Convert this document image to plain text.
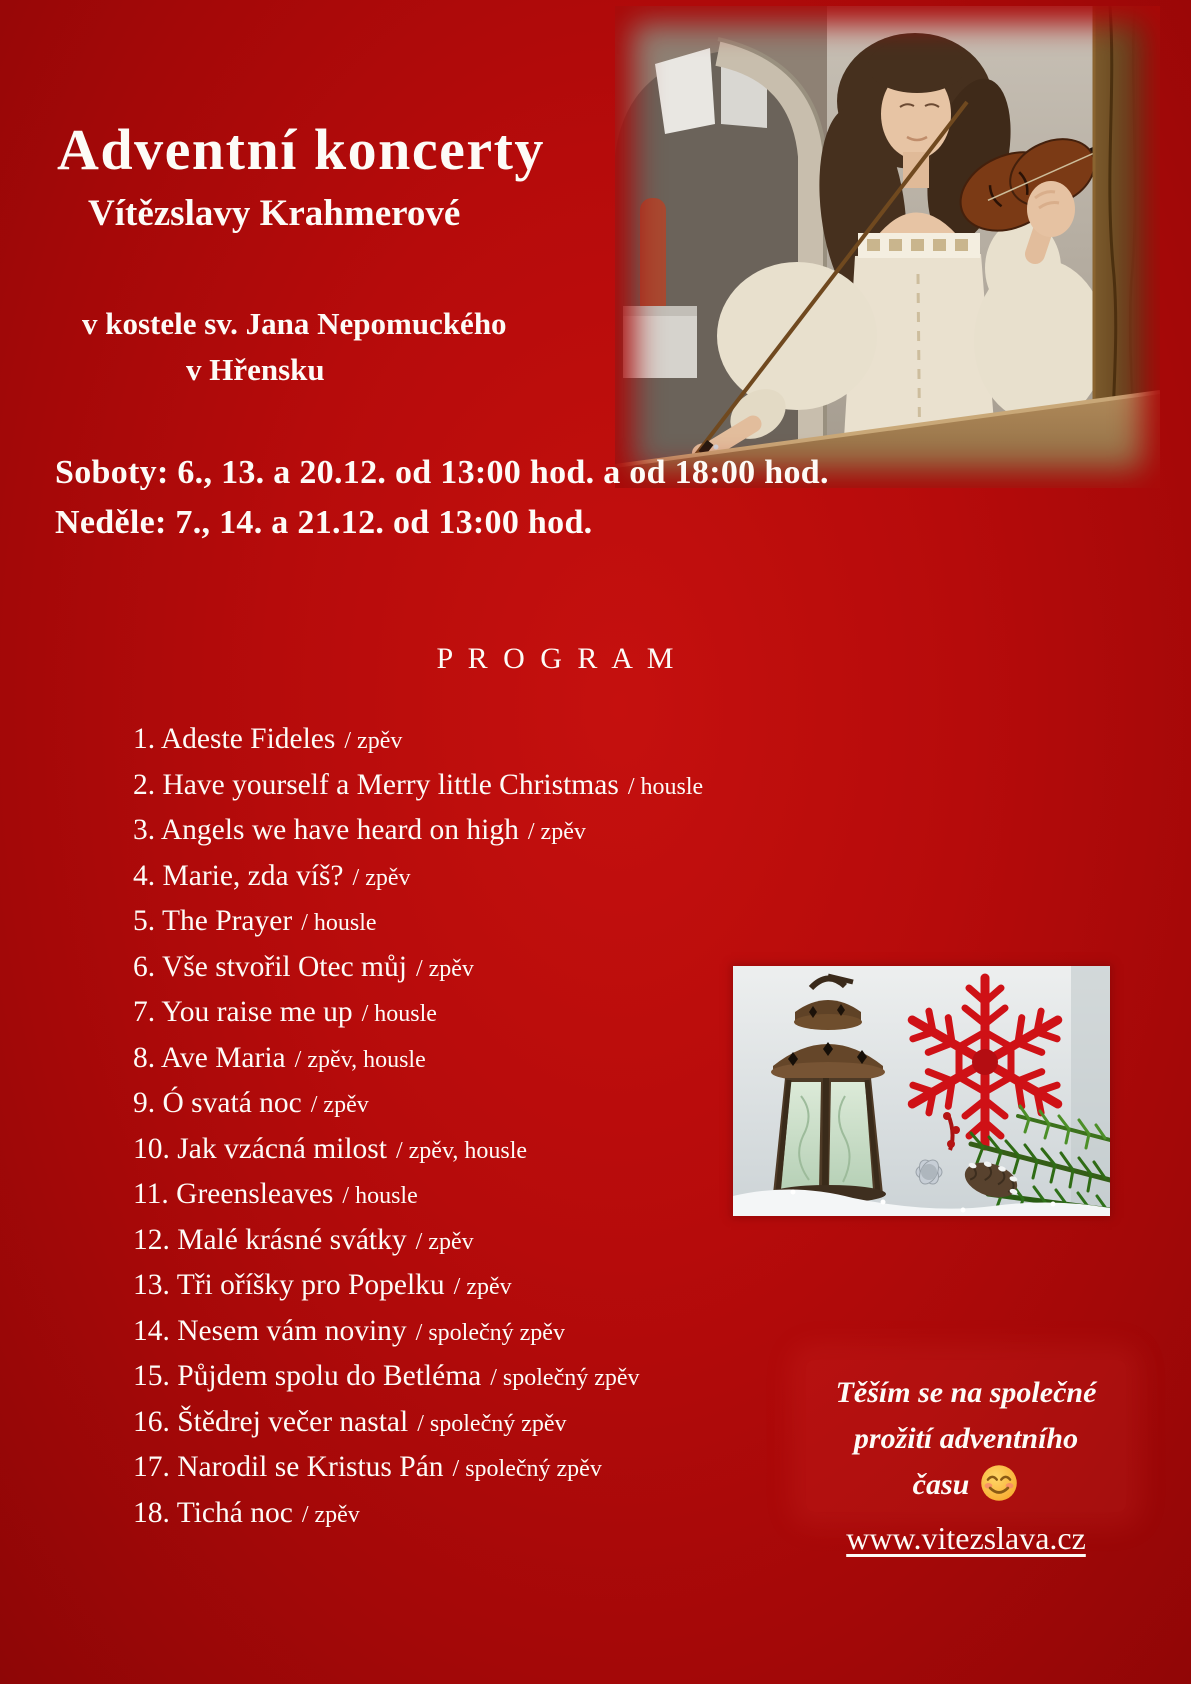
Adventní koncerty
Vítězslavy Krahmerové
v kostele sv. Jana Nepomuckého
v Hřensku
Soboty: 6., 13. a 20.12. od 13:00 hod. a od 18:00 hod.
Neděle: 7., 14. a 21.12. od 13:00 hod.
P R O G R A M
1. Adeste Fideles / zpěv
2. Have yourself a Merry little Christmas / housle
3. Angels we have heard on high / zpěv
4. Marie, zda víš? / zpěv
5. The Prayer / housle
6. Vše stvořil Otec můj / zpěv
7. You raise me up / housle
8. Ave Maria / zpěv, housle
9. Ó svatá noc / zpěv
10. Jak vzácná milost / zpěv, housle
11. Greensleaves / housle
12. Malé krásné svátky / zpěv
13. Tři oříšky pro Popelku / zpěv
14. Nesem vám noviny / společný zpěv
15. Půjdem spolu do Betléma / společný zpěv
16. Štědrej večer nastal / společný zpěv
17. Narodil se Kristus Pán / společný zpěv
18. Tichá noc / zpěv
Těším se na společné
prožití adventního
času
www.vitezslava.cz
